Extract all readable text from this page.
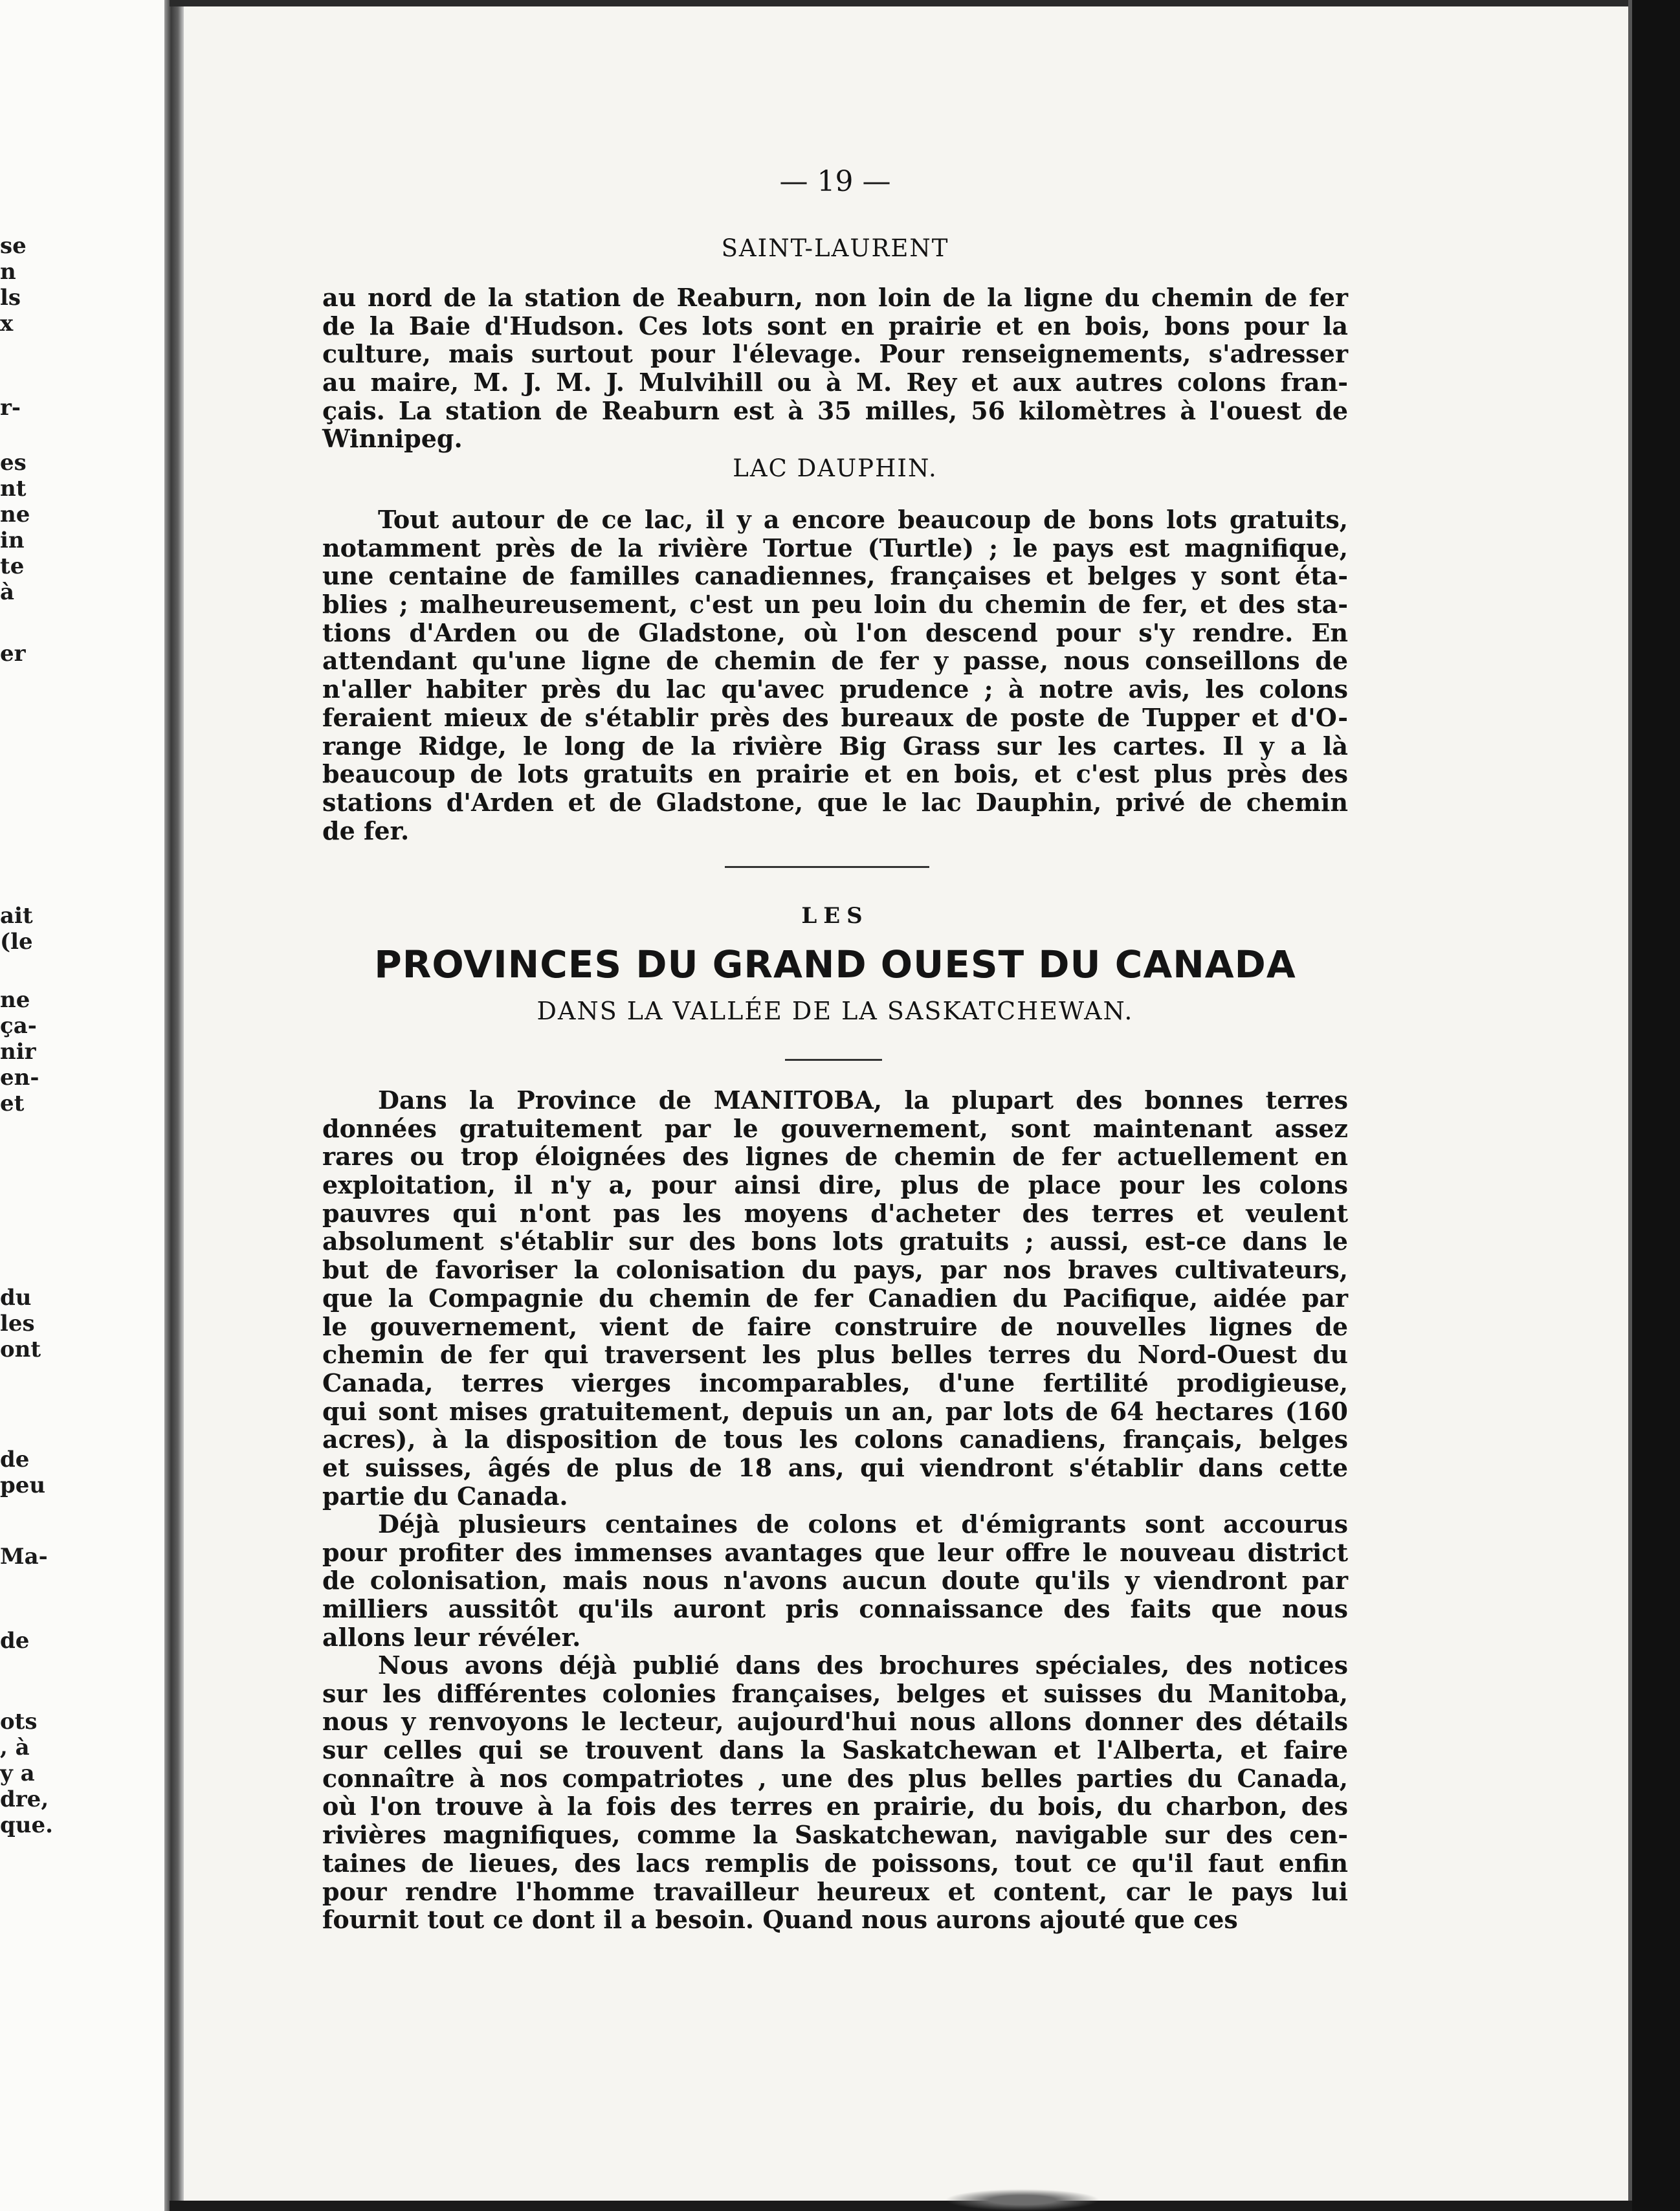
se
n
ls
x
r-
es
nt
ne
in
te
à
er
ait
(le
ne
ça-
nir
en-
et
du
les
ont
de
peu
Ma-
de
ots
, à
y a
dre,
que.
— 19 —
SAINT-LAURENT
au nord de la station de Reaburn, non loin de la ligne du chemin de fer
de la Baie d'Hudson. Ces lots sont en prairie et en bois, bons pour la
culture, mais surtout pour l'élevage. Pour renseignements, s'adresser
au maire, M. J. M. J. Mulvihill ou à M. Rey et aux autres colons fran-
çais. La station de Reaburn est à 35 milles, 56 kilomètres à l'ouest de
Winnipeg.
LAC DAUPHIN.
Tout autour de ce lac, il y a encore beaucoup de bons lots gratuits,
notamment près de la rivière Tortue (Turtle) ; le pays est magnifique,
une centaine de familles canadiennes, françaises et belges y sont éta-
blies ; malheureusement, c'est un peu loin du chemin de fer, et des sta-
tions d'Arden ou de Gladstone, où l'on descend pour s'y rendre. En
attendant qu'une ligne de chemin de fer y passe, nous conseillons de
n'aller habiter près du lac qu'avec prudence ; à notre avis, les colons
feraient mieux de s'établir près des bureaux de poste de Tupper et d'O-
range Ridge, le long de la rivière Big Grass sur les cartes. Il y a là
beaucoup de lots gratuits en prairie et en bois, et c'est plus près des
stations d'Arden et de Gladstone, que le lac Dauphin, privé de chemin
de fer.
LES
PROVINCES DU GRAND OUEST DU CANADA
DANS LA VALLÉE DE LA SASKATCHEWAN.
Dans la Province de MANITOBA, la plupart des bonnes terres
données gratuitement par le gouvernement, sont maintenant assez
rares ou trop éloignées des lignes de chemin de fer actuellement en
exploitation, il n'y a, pour ainsi dire, plus de place pour les colons
pauvres qui n'ont pas les moyens d'acheter des terres et veulent
absolument s'établir sur des bons lots gratuits ; aussi, est-ce dans le
but de favoriser la colonisation du pays, par nos braves cultivateurs,
que la Compagnie du chemin de fer Canadien du Pacifique, aidée par
le gouvernement, vient de faire construire de nouvelles lignes de
chemin de fer qui traversent les plus belles terres du Nord-Ouest du
Canada, terres vierges incomparables, d'une fertilité prodigieuse,
qui sont mises gratuitement, depuis un an, par lots de 64 hectares (160
acres), à la disposition de tous les colons canadiens, français, belges
et suisses, âgés de plus de 18 ans, qui viendront s'établir dans cette
partie du Canada.
Déjà plusieurs centaines de colons et d'émigrants sont accourus
pour profiter des immenses avantages que leur offre le nouveau district
de colonisation, mais nous n'avons aucun doute qu'ils y viendront par
milliers aussitôt qu'ils auront pris connaissance des faits que nous
allons leur révéler.
Nous avons déjà publié dans des brochures spéciales, des notices
sur les différentes colonies françaises, belges et suisses du Manitoba,
nous y renvoyons le lecteur, aujourd'hui nous allons donner des détails
sur celles qui se trouvent dans la Saskatchewan et l'Alberta, et faire
connaître à nos compatriotes , une des plus belles parties du Canada,
où l'on trouve à la fois des terres en prairie, du bois, du charbon, des
rivières magnifiques, comme la Saskatchewan, navigable sur des cen-
taines de lieues, des lacs remplis de poissons, tout ce qu'il faut enfin
pour rendre l'homme travailleur heureux et content, car le pays lui
fournit tout ce dont il a besoin. Quand nous aurons ajouté que ces
